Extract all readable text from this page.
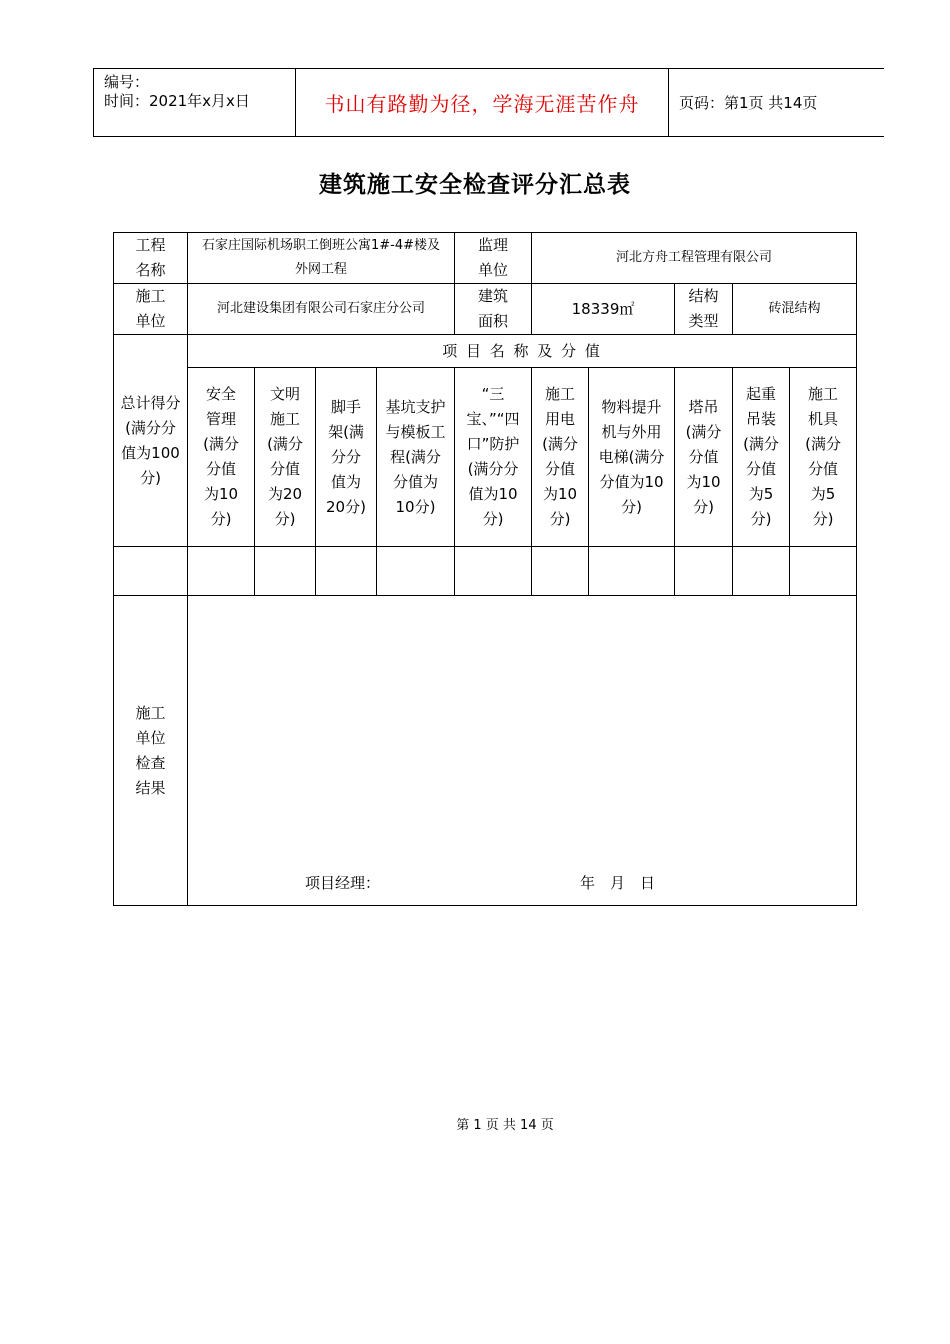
编号：
时间：2021年x月x日	书山有路勤为径，学海无涯苦作舟	页码：第1页 共14页
建筑施工安全检查评分汇总表
工程名称	石家庄国际机场职工倒班公寓1#-4#楼及外网工程				监理单位	河北方舟工程管理有限公司				

施工单位	河北建设集团有限公司石家庄分公司				建筑面积	18339㎡		结构类型	砖混结构	

总计得分(满分分值为100分)	项 目 名 称 及 分 值									

	安全管理(满分分值为10分)	文明施工(满分分值为20分)	脚手架(满分分值为20分)	基坑支护与模板工程(满分分值为10分)	“三宝、”“四口”防护(满分分值为10分)	施工用电(满分分值为10分)	物料提升机与外用电梯(满分分值为10分)	塔吊(满分分值为10分)	起重吊装(满分分值为5分)	施工机具(满分分值为5分)

施工单位检查结果										

项目经理：	年　月　日
第 1 页 共 14 页
